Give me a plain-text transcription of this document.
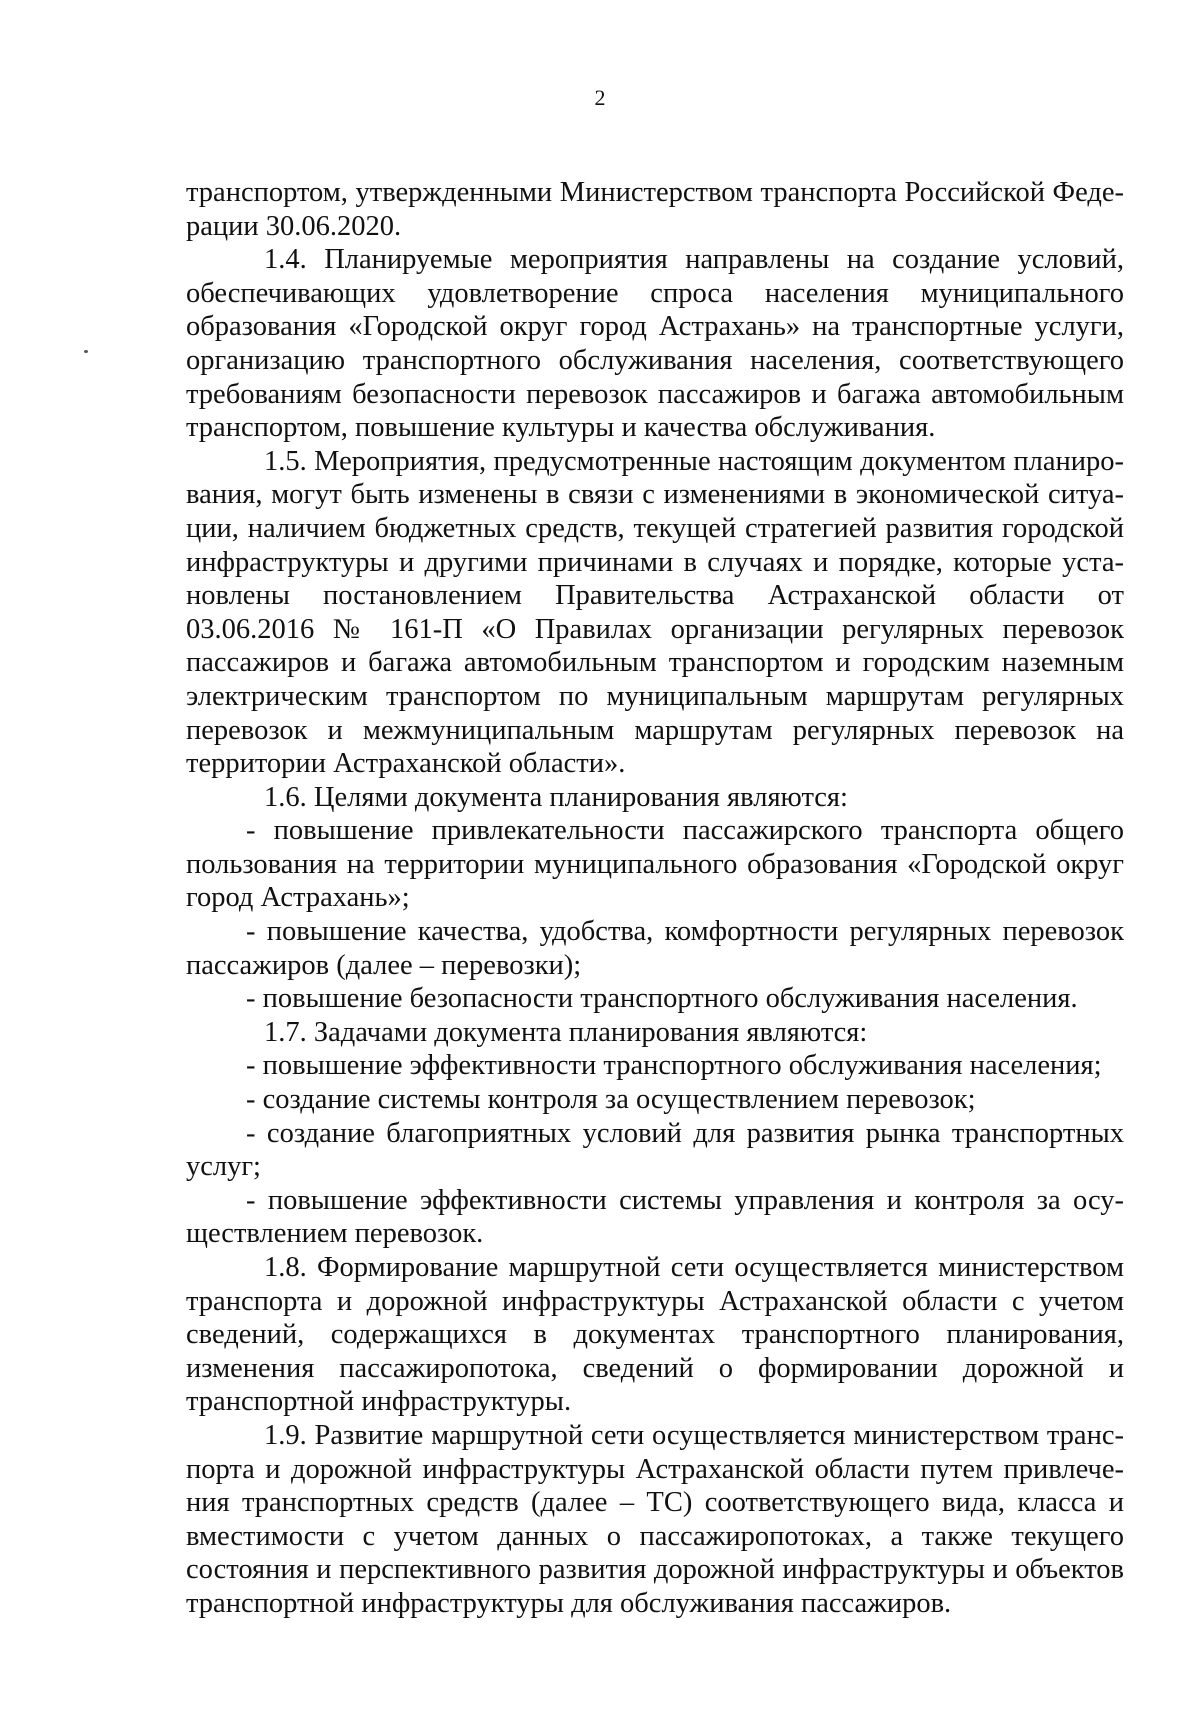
2

транспортом, утвержденными Министерством транспорта Российской Федерации 30.06.2020.

1.4. Планируемые мероприятия направлены на создание условий, обеспечивающих удовлетворение спроса населения муниципального образования «Городской округ город Астрахань» на транспортные услуги, организацию транспортного обслуживания населения, соответствующего требованиям безопасности перевозок пассажиров и багажа автомобильным транспортом, повышение культуры и качества обслуживания.

1.5. Мероприятия, предусмотренные настоящим документом планирования, могут быть изменены в связи с изменениями в экономической ситуации, наличием бюджетных средств, текущей стратегией развития городской инфраструктуры и другими причинами в случаях и порядке, которые установлены постановлением Правительства Астраханской области от 03.06.2016 № 161-П «О Правилах организации регулярных перевозок пассажиров и багажа автомобильным транспортом и городским наземным электрическим транспортом по муниципальным маршрутам регулярных перевозок и межмуниципальным маршрутам регулярных перевозок на территории Астраханской области».

1.6. Целями документа планирования являются:

- повышение привлекательности пассажирского транспорта общего пользования на территории муниципального образования «Городской округ город Астрахань»;

- повышение качества, удобства, комфортности регулярных перевозок пассажиров (далее – перевозки);

- повышение безопасности транспортного обслуживания населения.

1.7. Задачами документа планирования являются:

- повышение эффективности транспортного обслуживания населения;

- создание системы контроля за осуществлением перевозок;

- создание благоприятных условий для развития рынка транспортных услуг;

- повышение эффективности системы управления и контроля за осуществлением перевозок.

1.8. Формирование маршрутной сети осуществляется министерством транспорта и дорожной инфраструктуры Астраханской области с учетом сведений, содержащихся в документах транспортного планирования, изменения пассажиропотока, сведений о формировании дорожной и транспортной инфраструктуры.

1.9. Развитие маршрутной сети осуществляется министерством транспорта и дорожной инфраструктуры Астраханской области путем привлечения транспортных средств (далее – ТС) соответствующего вида, класса и вместимости с учетом данных о пассажиропотоках, а также текущего состояния и перспективного развития дорожной инфраструктуры и объектов транспортной инфраструктуры для обслуживания пассажиров.
